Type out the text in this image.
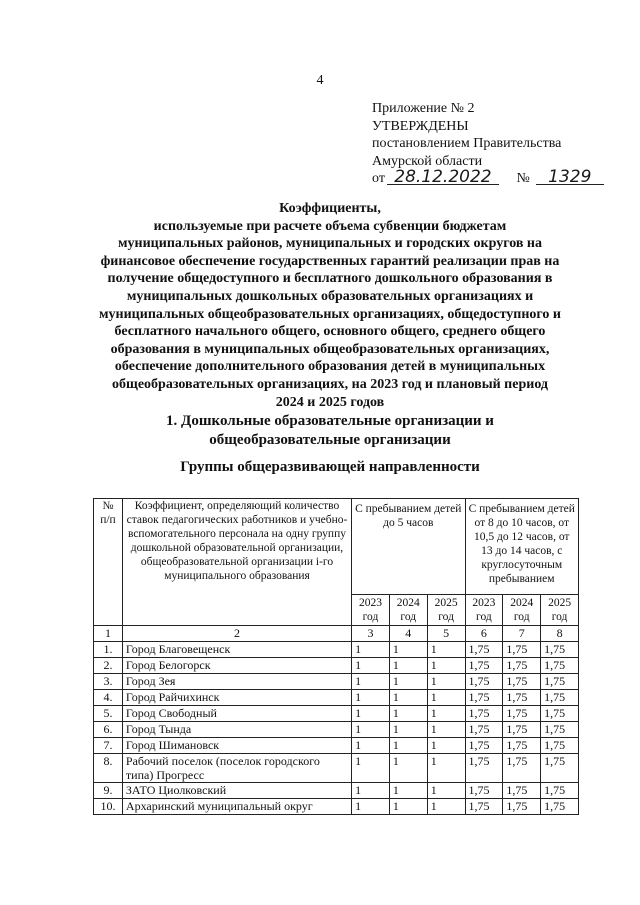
4
Приложение № 2
УТВЕРЖДЕНЫ
постановлением Правительства
Амурской области
от 28.12.2022 № 1329
Коэффициенты,
используемые при расчете объема субвенции бюджетам
муниципальных районов, муниципальных и городских округов на
финансовое обеспечение государственных гарантий реализации прав на
получение общедоступного и бесплатного дошкольного образования в
муниципальных дошкольных образовательных организациях и
муниципальных общеобразовательных организациях, общедоступного и
бесплатного начального общего, основного общего, среднего общего
образования в муниципальных общеобразовательных организациях,
обеспечение дополнительного образования детей в муниципальных
общеобразовательных организациях, на 2023 год и плановый период
2024 и 2025 годов
1. Дошкольные образовательные организации и
общеобразовательные организации
Группы общеразвивающей направленности
№ п/п	Коэффициент, определяющий количество ставок педагогических работников и учебно-вспомогательного персонала на одну группу дошкольной образовательной организации, общеобразовательной организации i-го муниципального образования	С пребыванием детей до 5 часов			С пребыванием детей от 8 до 10 часов, от 10,5 до 12 часов, от 13 до 14 часов, с круглосуточным пребыванием		
		2023 год	2024 год	2025 год	2023 год	2024 год	2025 год
1	2	3	4	5	6	7	8
1.	Город Благовещенск	1	1	1	1,75	1,75	1,75
2.	Город Белогорск	1	1	1	1,75	1,75	1,75
3.	Город Зея	1	1	1	1,75	1,75	1,75
4.	Город Райчихинск	1	1	1	1,75	1,75	1,75
5.	Город Свободный	1	1	1	1,75	1,75	1,75
6.	Город Тында	1	1	1	1,75	1,75	1,75
7.	Город Шимановск	1	1	1	1,75	1,75	1,75
8.	Рабочий поселок (поселок городского типа) Прогресс	1	1	1	1,75	1,75	1,75
9.	ЗАТО Циолковский	1	1	1	1,75	1,75	1,75
10.	Архаринский муниципальный округ	1	1	1	1,75	1,75	1,75
